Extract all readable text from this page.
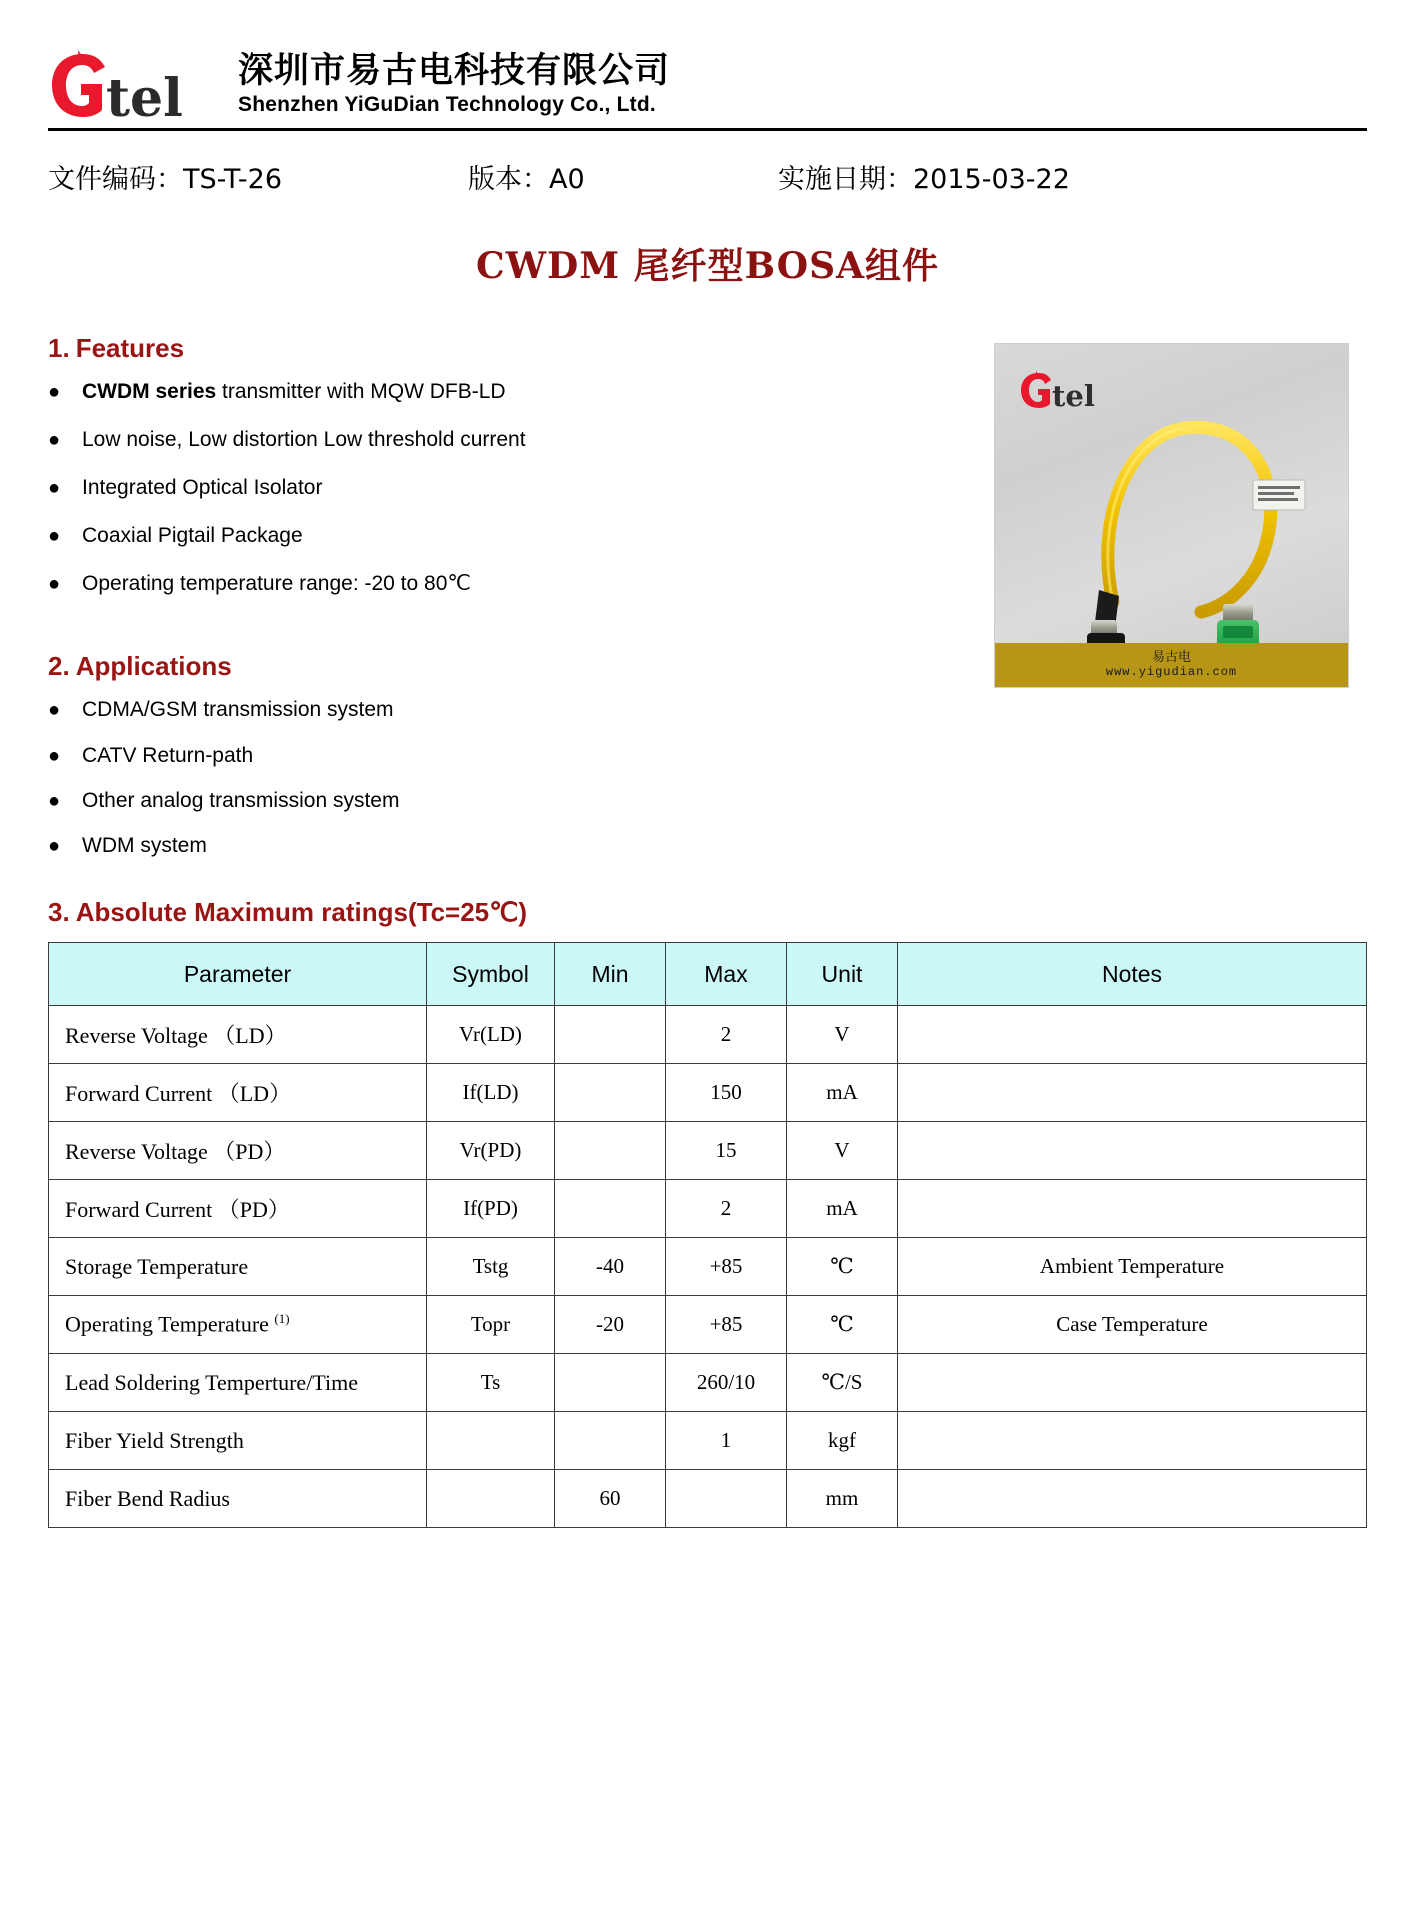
tel 深圳市易古电科技有限公司
Shenzhen YiGuDian Technology Co., Ltd.
文件编码：TS-T-26	版本：A0	实施日期：2015-03-22
CWDM 尾纤型BOSA组件
1. Features
●	CWDM series transmitter with MQW DFB-LD
●	Low noise, Low distortion Low threshold current
●	Integrated Optical Isolator
●	Coaxial Pigtail Package
●	Operating temperature range: -20 to 80℃
2. Applications
●	CDMA/GSM transmission system
●	CATV Return-path
●	Other analog transmission system
●	WDM system
tel
易古电
www.yigudian.com
3. Absolute Maximum ratings(Tc=25℃)
Parameter	Symbol	Min	Max	Unit	Notes
Reverse Voltage （LD）	Vr(LD)		2	V	
Forward Current （LD）	If(LD)		150	mA	
Reverse Voltage （PD）	Vr(PD)		15	V	
Forward Current （PD）	If(PD)		2	mA	
Storage Temperature	Tstg	-40	+85	℃	Ambient Temperature
Operating Temperature $^{(1)}$	Topr	-20	+85	℃	Case Temperature
Lead Soldering Temperture/Time	Ts		260/10	℃/S	
Fiber Yield Strength			1	kgf	
Fiber Bend Radius		60		mm	
